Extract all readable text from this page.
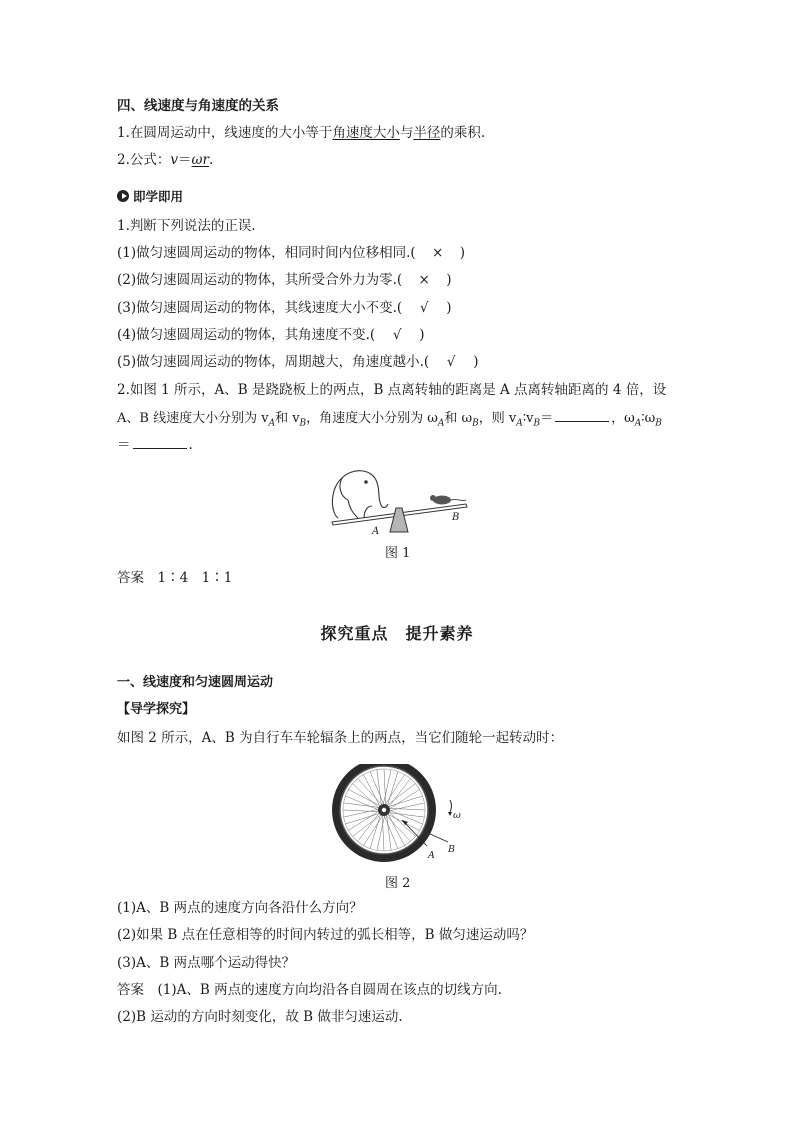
四、线速度与角速度的关系
1.在圆周运动中，线速度的大小等于角速度大小与半径的乘积.
2.公式：v＝ωr.
即学即用
1.判断下列说法的正误.
(1)做匀速圆周运动的物体，相同时间内位移相同.( × )
(2)做匀速圆周运动的物体，其所受合外力为零.( × )
(3)做匀速圆周运动的物体，其线速度大小不变.( √ )
(4)做匀速圆周运动的物体，其角速度不变.( √ )
(5)做匀速圆周运动的物体，周期越大，角速度越小.( √ )
2.如图 1 所示，A、B 是跷跷板上的两点，B 点离转轴的距离是 A 点离转轴距离的 4 倍，设
A、B 线速度大小分别为 $v_A$和 $v_B$，角速度大小分别为 $\omega_A$和 $\omega_B$，则 $v_A∶v_B=$	，$\omega_A∶\omega_B$
＝	.
A
B
图 1
答案　1∶4　1∶1
探究重点　提升素养
一、线速度和匀速圆周运动
【导学探究】
如图 2 所示，A、B 为自行车车轮辐条上的两点，当它们随轮一起转动时：
A
B
ω
图 2
(1)A、B 两点的速度方向各沿什么方向？
(2)如果 B 点在任意相等的时间内转过的弧长相等，B 做匀速运动吗？
(3)A、B 两点哪个运动得快？
答案　(1)A、B 两点的速度方向均沿各自圆周在该点的切线方向.
(2)B 运动的方向时刻变化，故 B 做非匀速运动.
